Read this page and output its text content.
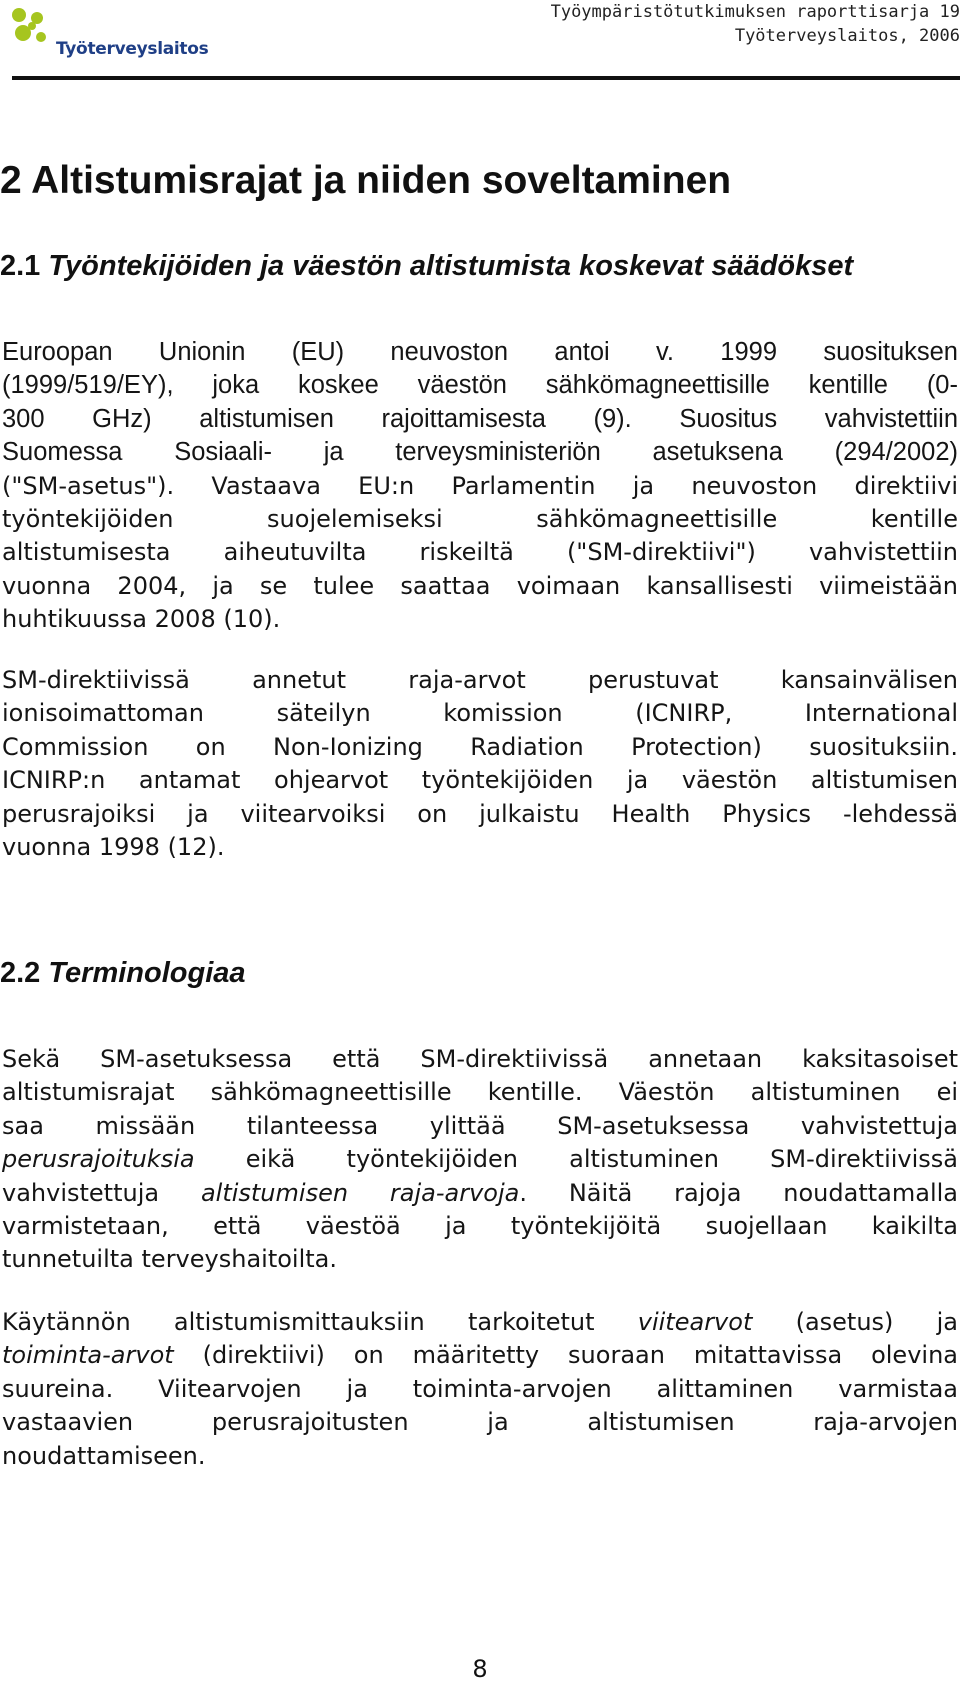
Työterveyslaitos
Työympäristötutkimuksen raporttisarja 19
Työterveyslaitos, 2006
2 Altistumisrajat ja niiden soveltaminen
2.1 Työntekijöiden ja väestön altistumista koskevat säädökset
Euroopan Unionin (EU) neuvoston antoi v. 1999 suosituksen
(1999/519/EY), joka koskee väestön sähkömagneettisille kentille (0-
300 GHz) altistumisen rajoittamisesta (9). Suositus vahvistettiin
Suomessa Sosiaali- ja terveysministeriön asetuksena (294/2002)
("SM-asetus"). Vastaava EU:n Parlamentin ja neuvoston direktiivi
työntekijöiden suojelemiseksi sähkömagneettisille kentille
altistumisesta aiheutuvilta riskeiltä ("SM-direktiivi") vahvistettiin
vuonna 2004, ja se tulee saattaa voimaan kansallisesti viimeistään
huhtikuussa 2008 (10).
SM-direktiivissä annetut raja-arvot perustuvat kansainvälisen
ionisoimattoman säteilyn komission (ICNIRP, International
Commission on Non-Ionizing Radiation Protection) suosituksiin.
ICNIRP:n antamat ohjearvot työntekijöiden ja väestön altistumisen
perusrajoiksi ja viitearvoiksi on julkaistu Health Physics -lehdessä
vuonna 1998 (12).
2.2 Terminologiaa
Sekä SM-asetuksessa että SM-direktiivissä annetaan kaksitasoiset
altistumisrajat sähkömagneettisille kentille. Väestön altistuminen ei
saa missään tilanteessa ylittää SM-asetuksessa vahvistettuja
perusrajoituksia eikä työntekijöiden altistuminen SM-direktiivissä
vahvistettuja altistumisen raja-arvoja. Näitä rajoja noudattamalla
varmistetaan, että väestöä ja työntekijöitä suojellaan kaikilta
tunnetuilta terveyshaitoilta.
Käytännön altistumismittauksiin tarkoitetut viitearvot (asetus) ja
toiminta-arvot (direktiivi) on määritetty suoraan mitattavissa olevina
suureina. Viitearvojen ja toiminta-arvojen alittaminen varmistaa
vastaavien perusrajoitusten ja altistumisen raja-arvojen
noudattamiseen.
8
